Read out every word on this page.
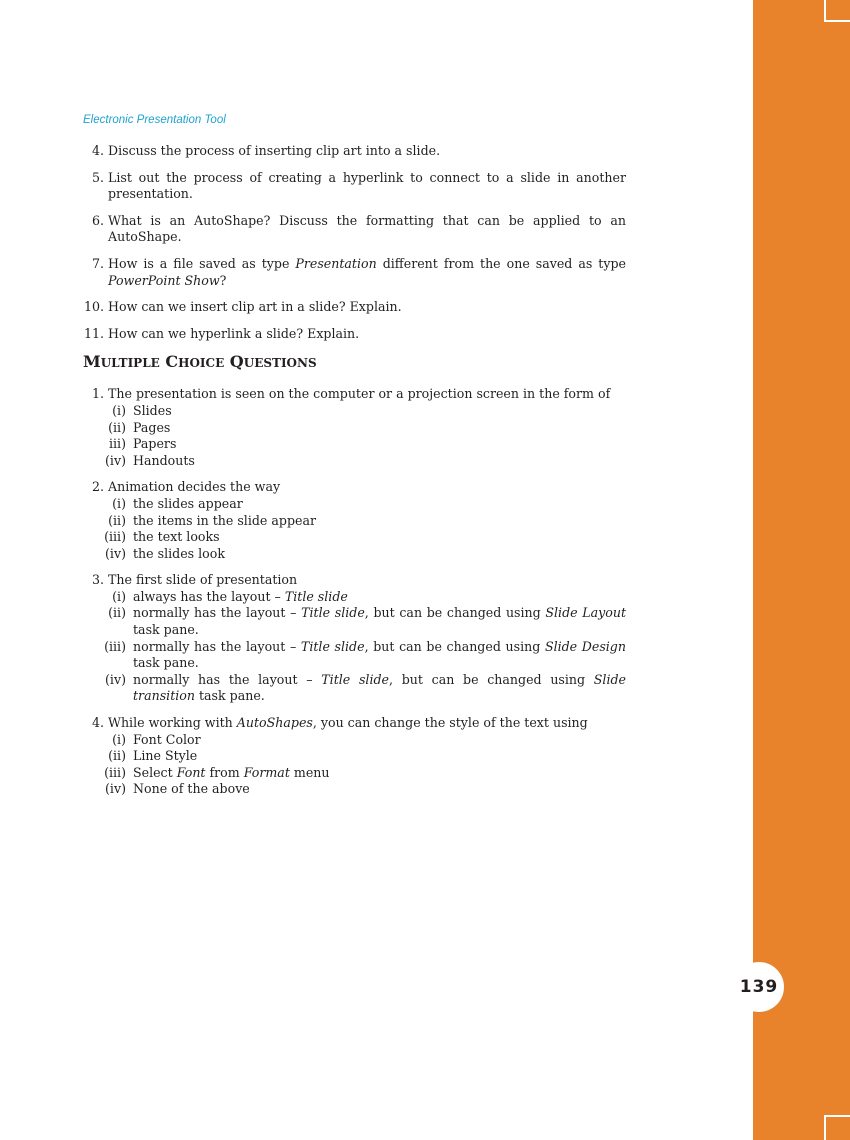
139
Electronic Presentation Tool
4. Discuss the process of inserting clip art into a slide.
5. List out the process of creating a hyperlink to connect to a slide in another presentation.
6. What is an AutoShape? Discuss the formatting that can be applied to an AutoShape.
7. How is a file saved as type Presentation different from the one saved as type PowerPoint Show?
10. How can we insert clip art in a slide? Explain.
11. How can we hyperlink a slide? Explain.
MULTIPLE CHOICE QUESTIONS
1. The presentation is seen on the computer or a projection screen in the form of
(i) Slides
(ii) Pages
iii) Papers
(iv) Handouts
2. Animation decides the way
(i) the slides appear
(ii) the items in the slide appear
(iii) the text looks
(iv) the slides look
3. The first slide of presentation
(i) always has the layout – Title slide
(ii) normally has the layout – Title slide, but can be changed using Slide Layout task pane.
(iii) normally has the layout – Title slide, but can be changed using Slide Design task pane.
(iv) normally has the layout – Title slide, but can be changed using Slide transition task pane.
4. While working with AutoShapes, you can change the style of the text using
(i) Font Color
(ii) Line Style
(iii) Select Font from Format menu
(iv) None of the above
